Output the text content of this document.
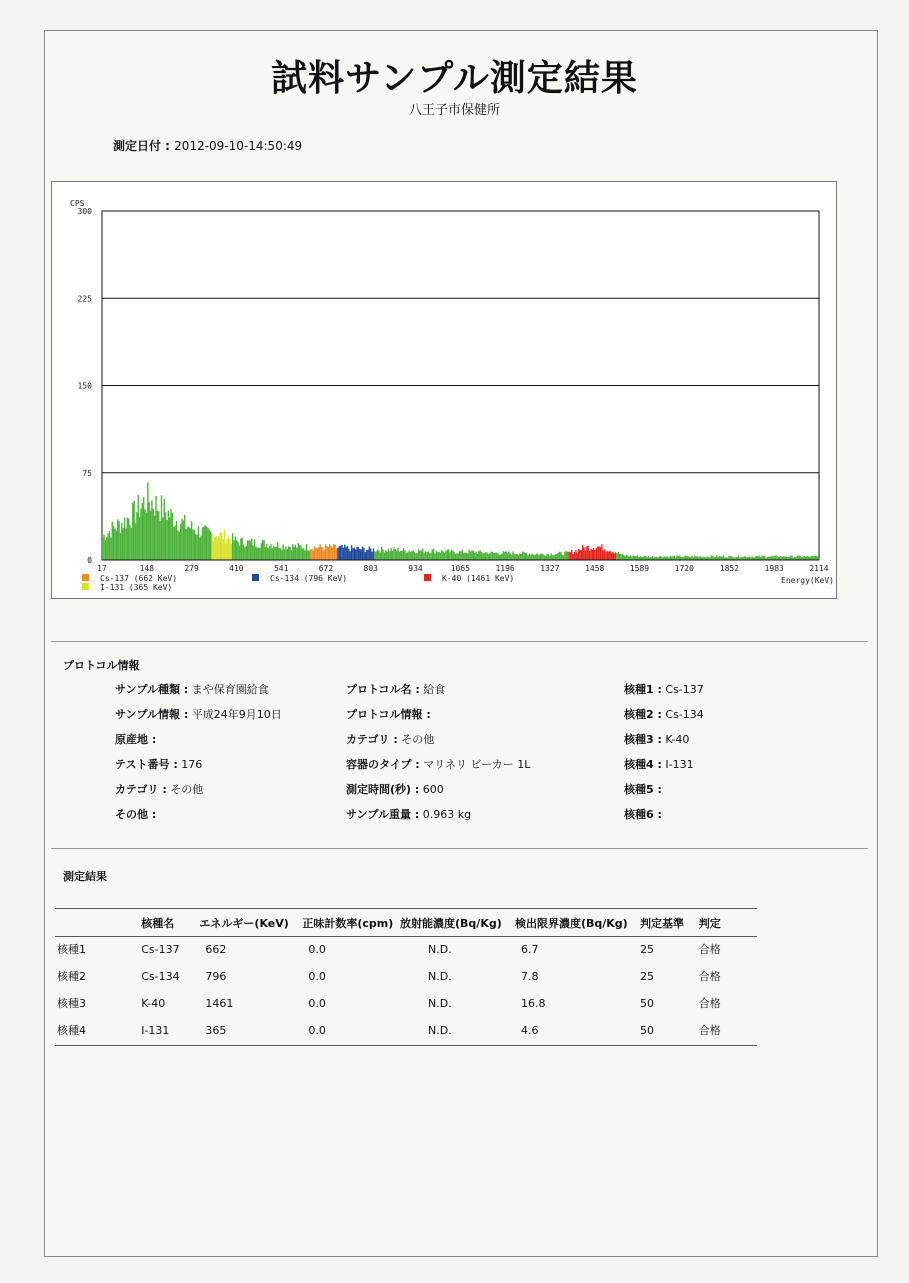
試料サンプル測定結果
八王子市保健所
測定日付 : 2012-09-10-14:50:49
300
225
150
75
0
CPS
17	148	279	410	541	672	803	934	1065	1196	1327	1458	1589	1720	1852	1983	2114
Cs-137 (662 KeV)	Cs-134 (796 KeV)	K-40 (1461 KeV)
I-131 (365 KeV)
Energy(KeV)
プロトコル情報
サンプル種類 : まや保育園給食
サンプル情報 : 平成24年9月10日
原産地 :
テスト番号 : 176
カテゴリ : その他
その他 :
プロトコル名 : 給食
プロトコル情報 :
カテゴリ : その他
容器のタイプ : マリネリ ビーカー 1L
測定時間(秒) : 600
サンプル重量 : 0.963 kg
核種1 : Cs-137
核種2 : Cs-134
核種3 : K-40
核種4 : I-131
核種5 :
核種6 :
測定結果
	核種名	エネルギー(KeV)	正味計数率(cpm)	放射能濃度(Bq/Kg)	検出限界濃度(Bq/Kg)	判定基準	判定
核種1	Cs-137	662	0.0	N.D.	6.7	25	合格
核種2	Cs-134	796	0.0	N.D.	7.8	25	合格
核種3	K-40	1461	0.0	N.D.	16.8	50	合格
核種4	I-131	365	0.0	N.D.	4.6	50	合格
